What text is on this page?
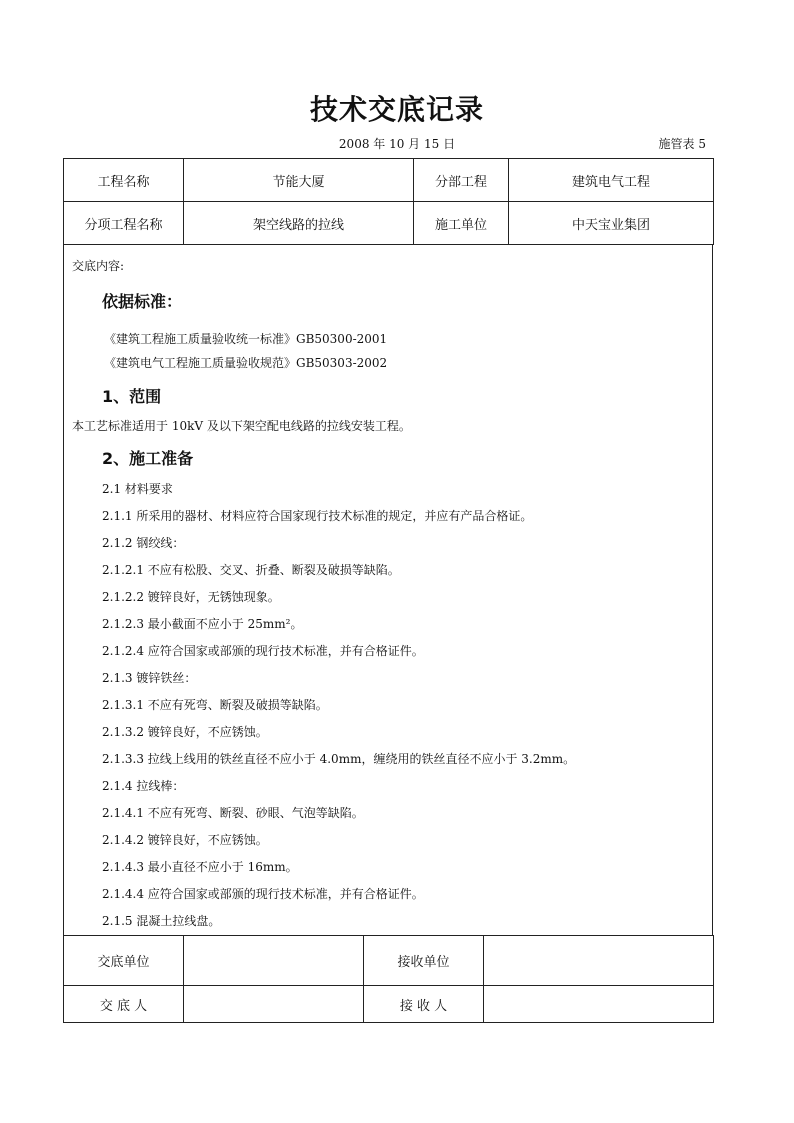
技术交底记录
2008 年 10 月 15 日	施管表 5
工程名称	节能大厦	分部工程	建筑电气工程
分项工程名称	架空线路的拉线	施工单位	中天宝业集团
交底内容:
依据标准：
《建筑工程施工质量验收统一标准》GB50300-2001
《建筑电气工程施工质量验收规范》GB50303-2002
1、范围
本工艺标准适用于 10kV 及以下架空配电线路的拉线安装工程。
2、施工准备
2.1 材料要求
2.1.1 所采用的器材、材料应符合国家现行技术标准的规定，并应有产品合格证。
2.1.2 钢绞线：
2.1.2.1 不应有松股、交叉、折叠、断裂及破损等缺陷。
2.1.2.2 镀锌良好，无锈蚀现象。
2.1.2.3 最小截面不应小于 25mm²。
2.1.2.4 应符合国家或部颁的现行技术标准，并有合格证件。
2.1.3 镀锌铁丝：
2.1.3.1 不应有死弯、断裂及破损等缺陷。
2.1.3.2 镀锌良好，不应锈蚀。
2.1.3.3 拉线上线用的铁丝直径不应小于 4.0mm，缠绕用的铁丝直径不应小于 3.2mm。
2.1.4 拉线棒：
2.1.4.1 不应有死弯、断裂、砂眼、气泡等缺陷。
2.1.4.2 镀锌良好，不应锈蚀。
2.1.4.3 最小直径不应小于 16mm。
2.1.4.4 应符合国家或部颁的现行技术标准，并有合格证件。
2.1.5 混凝土拉线盘。
交底单位		接收单位	
交 底 人		接 收 人	
